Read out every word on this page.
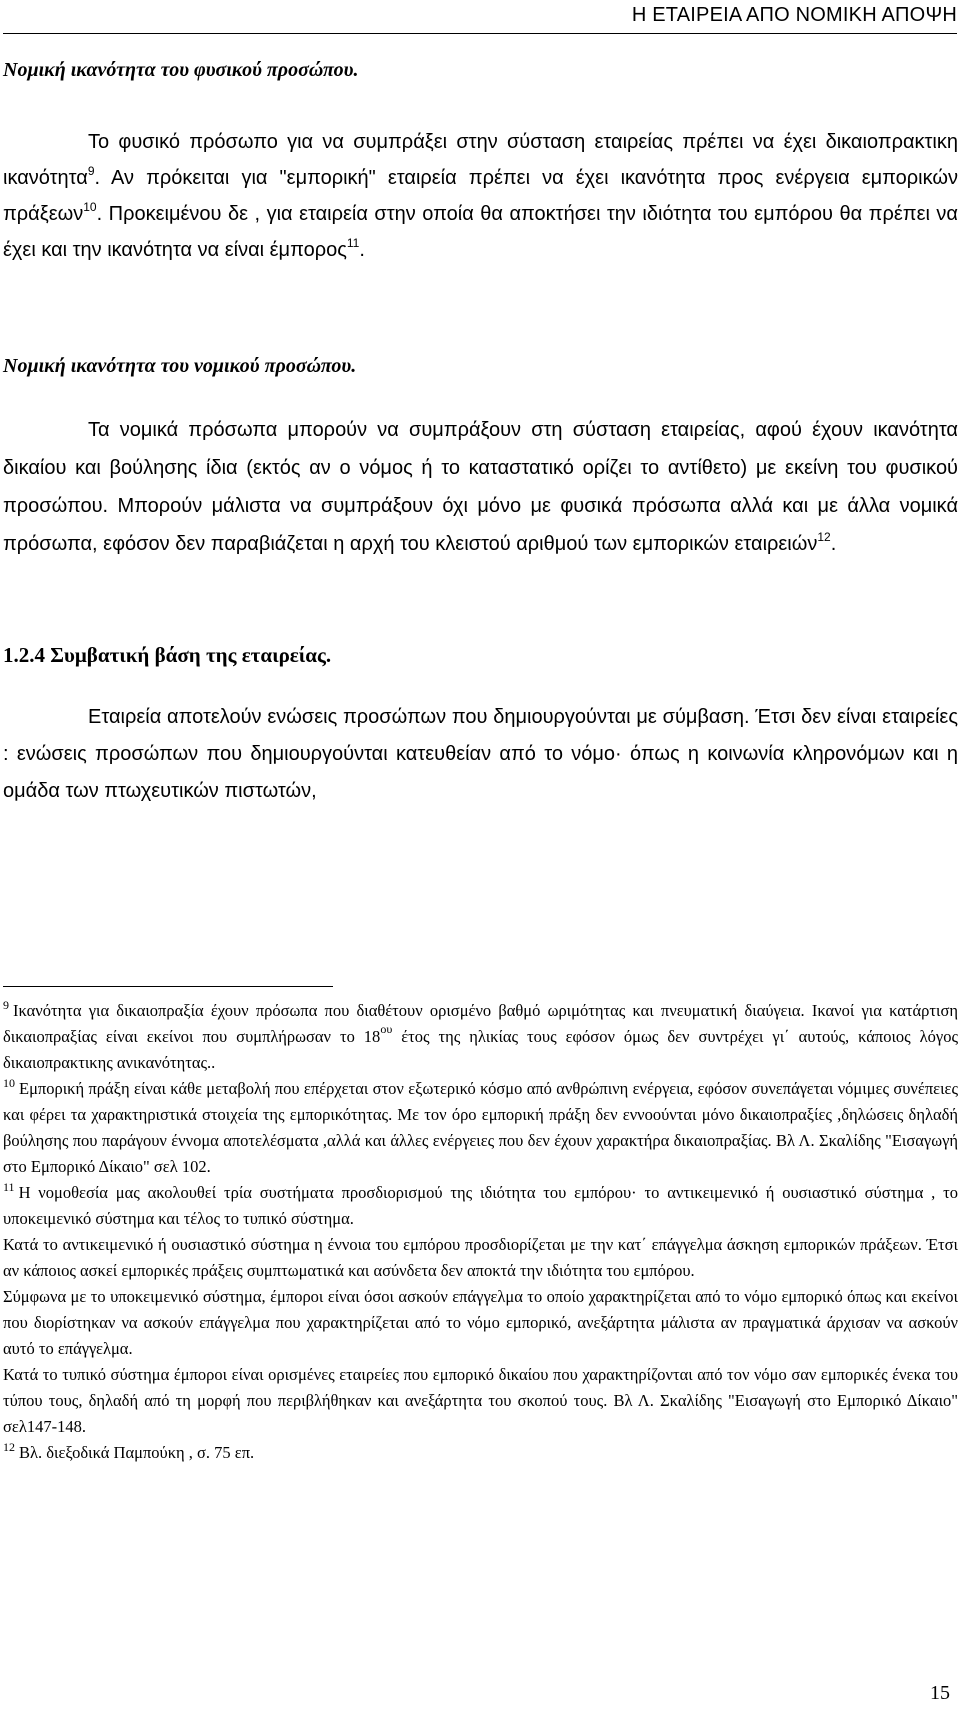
Η ΕΤΑΙΡΕΙΑ ΑΠΟ ΝΟΜΙΚΗ ΑΠΟΨΗ

Νομική ικανότητα του φυσικού προσώπου.

Το φυσικό πρόσωπο για να συμπράξει στην σύσταση εταιρείας πρέπει να έχει δικαιοπρακτικη ικανότητα$^9$. Αν πρόκειται για "εμπορική" εταιρεία πρέπει να έχει ικανότητα προς ενέργεια εμπορικών πράξεων$^{10}$. Προκειμένου δε , για εταιρεία στην οποία θα αποκτήσει την ιδιότητα του εμπόρου θα πρέπει να έχει και την ικανότητα να είναι έμπορος$^{11}$.

Νομική ικανότητα του νομικού προσώπου.

Τα νομικά πρόσωπα μπορούν να συμπράξουν στη σύσταση εταιρείας, αφού έχουν ικανότητα δικαίου και βούλησης ίδια (εκτός αν ο νόμος ή το καταστατικό ορίζει το αντίθετο) με εκείνη του φυσικού προσώπου. Μπορούν μάλιστα να συμπράξουν όχι μόνο με φυσικά πρόσωπα αλλά και με άλλα νομικά πρόσωπα, εφόσον δεν παραβιάζεται η αρχή του κλειστού αριθμού των εμπορικών εταιρειών$^{12}$.

1.2.4 Συμβατική βάση της εταιρείας.

Εταιρεία αποτελούν ενώσεις προσώπων που δημιουργούνται με σύμβαση. Έτσι δεν είναι εταιρείες : ενώσεις προσώπων που δημιουργούνται κατευθείαν από το νόμο· όπως η κοινωνία κληρονόμων και η ομάδα των πτωχευτικών πιστωτών,

$^9$ Ικανότητα για δικαιοπραξία έχουν πρόσωπα που διαθέτουν ορισμένο βαθμό ωριμότητας και πνευματική διαύγεια. Ικανοί για κατάρτιση δικαιοπραξίας είναι εκείνοι που συμπλήρωσαν το $18^{o\upsilon}$ έτος της ηλικίας τους εφόσον όμως δεν συντρέχει γι΄ αυτούς, κάποιος λόγος δικαιοπρακτικης ανικανότητας..

$^{10}$ Εμπορική πράξη είναι κάθε μεταβολή που επέρχεται στον εξωτερικό κόσμο από ανθρώπινη ενέργεια, εφόσον συνεπάγεται νόμιμες συνέπειες και φέρει τα χαρακτηριστικά στοιχεία της εμπορικότητας. Με τον όρο εμπορική πράξη δεν εννοούνται μόνο δικαιοπραξίες ,δηλώσεις δηλαδή βούλησης που παράγουν έννομα αποτελέσματα ,αλλά και άλλες ενέργειες που δεν έχουν χαρακτήρα δικαιοπραξίας. Βλ Λ. Σκαλίδης "Εισαγωγή στο Εμπορικό Δίκαιο" σελ 102.

$^{11}$ Η νομοθεσία μας ακολουθεί τρία συστήματα προσδιορισμού της ιδιότητα του εμπόρου· το αντικειμενικό ή ουσιαστικό σύστημα , το υποκειμενικό σύστημα και τέλος το τυπικό σύστημα.

Κατά το αντικειμενικό ή ουσιαστικό σύστημα η έννοια του εμπόρου προσδιορίζεται με την κατ΄ επάγγελμα άσκηση εμπορικών πράξεων. Έτσι αν κάποιος ασκεί εμπορικές πράξεις συμπτωματικά και ασύνδετα δεν αποκτά την ιδιότητα του εμπόρου.

Σύμφωνα με το υποκειμενικό σύστημα, έμποροι είναι όσοι ασκούν επάγγελμα το οποίο χαρακτηρίζεται από το νόμο εμπορικό όπως και εκείνοι που διορίστηκαν να ασκούν επάγγελμα που χαρακτηρίζεται από το νόμο εμπορικό, ανεξάρτητα μάλιστα αν πραγματικά άρχισαν να ασκούν αυτό το επάγγελμα.

Κατά το τυπικό σύστημα έμποροι είναι ορισμένες εταιρείες που εμπορικό δικαίου που χαρακτηρίζονται από τον νόμο σαν εμπορικές ένεκα του τύπου τους, δηλαδή από τη μορφή που περιβλήθηκαν και ανεξάρτητα του σκοπού τους. Βλ Λ. Σκαλίδης "Εισαγωγή στο Εμπορικό Δίκαιο" σελ147-148.

$^{12}$ Βλ. διεξοδικά Παμπούκη , σ. 75 επ.

15
